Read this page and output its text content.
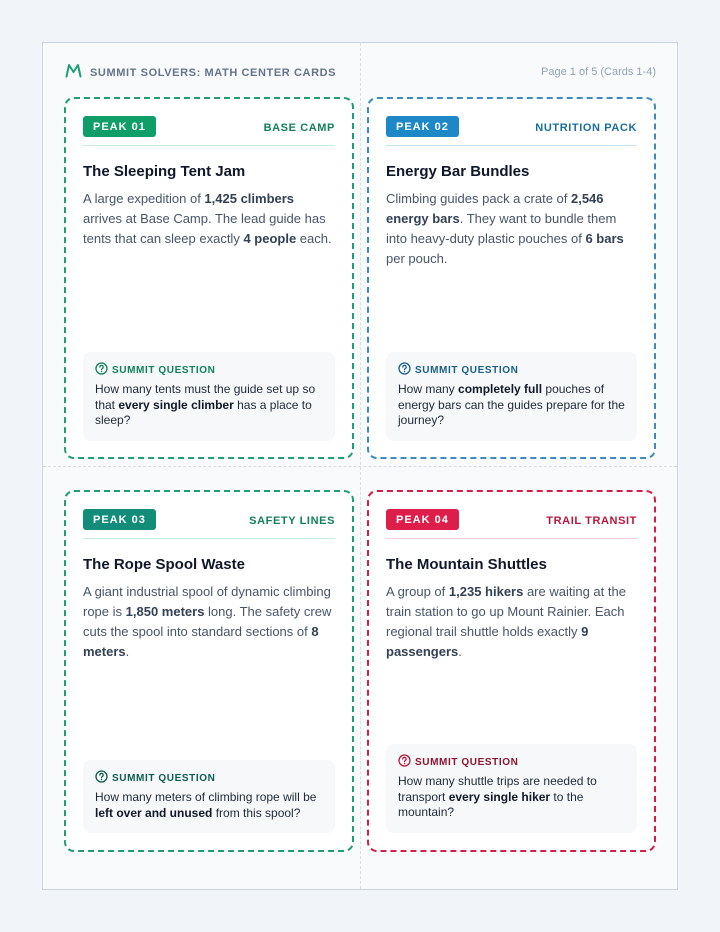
SUMMIT SOLVERS: MATH CENTER CARDS	Page 1 of 5 (Cards 1-4)
PEAK 01	BASE CAMP
The Sleeping Tent Jam
A large expedition of 1,425 climbers arrives at Base Camp. The lead guide has tents that can sleep exactly 4 people each.
SUMMIT QUESTION
How many tents must the guide set up so that every single climber has a place to sleep?
PEAK 02	NUTRITION PACK
Energy Bar Bundles
Climbing guides pack a crate of 2,546 energy bars. They want to bundle them into heavy-duty plastic pouches of 6 bars per pouch.
SUMMIT QUESTION
How many completely full pouches of energy bars can the guides prepare for the journey?
PEAK 03	SAFETY LINES
The Rope Spool Waste
A giant industrial spool of dynamic climbing rope is 1,850 meters long. The safety crew cuts the spool into standard sections of 8 meters.
SUMMIT QUESTION
How many meters of climbing rope will be left over and unused from this spool?
PEAK 04	TRAIL TRANSIT
The Mountain Shuttles
A group of 1,235 hikers are waiting at the train station to go up Mount Rainier. Each regional trail shuttle holds exactly 9 passengers.
SUMMIT QUESTION
How many shuttle trips are needed to transport every single hiker to the mountain?
